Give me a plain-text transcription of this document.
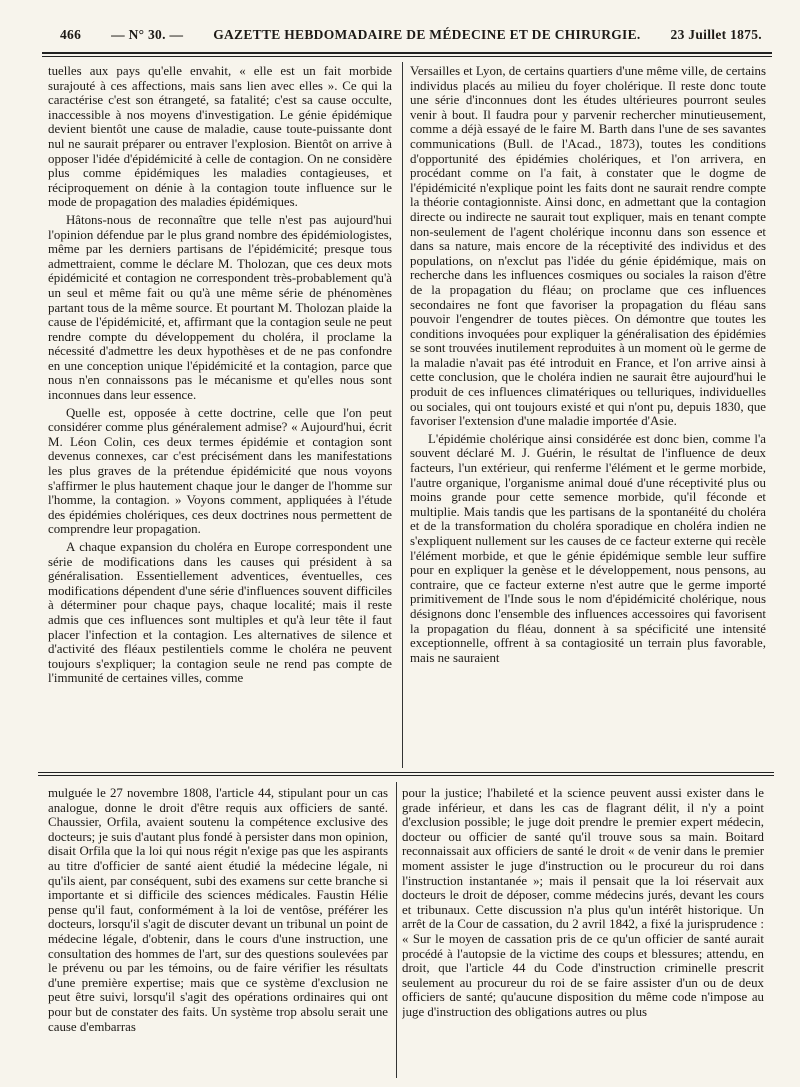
466 — N° 30. — GAZETTE HEBDOMADAIRE DE MÉDECINE ET DE CHIRURGIE. 23 Juillet 1875.

tuelles aux pays qu'elle envahit, « elle est un fait morbide surajouté à ces affections, mais sans lien avec elles ». Ce qui la caractérise c'est son étrangeté, sa fatalité; c'est sa cause occulte, inaccessible à nos moyens d'investigation. Le génie épidémique devient bientôt une cause de maladie, cause toute-puissante dont nul ne saurait préparer ou entraver l'explosion. Bientôt on arrive à opposer l'idée d'épidémicité à celle de contagion. On ne considère plus comme épidémiques les maladies contagieuses, et réciproquement on dénie à la contagion toute influence sur le mode de propagation des maladies épidémiques.

Hâtons-nous de reconnaître que telle n'est pas aujourd'hui l'opinion défendue par le plus grand nombre des épidémiologistes, même par les derniers partisans de l'épidémicité; presque tous admettraient, comme le déclare M. Tholozan, que ces deux mots épidémicité et contagion ne correspondent très-probablement qu'à un seul et même fait ou qu'à une même série de phénomènes partant tous de la même source. Et pourtant M. Tholozan plaide la cause de l'épidémicité, et, affirmant que la contagion seule ne peut rendre compte du développement du choléra, il proclame la nécessité d'admettre les deux hypothèses et de ne pas confondre en une conception unique l'épidémicité et la contagion, parce que nous n'en connaissons pas le mécanisme et qu'elles nous sont inconnues dans leur essence.

Quelle est, opposée à cette doctrine, celle que l'on peut considérer comme plus généralement admise? « Aujourd'hui, écrit M. Léon Colin, ces deux termes épidémie et contagion sont devenus connexes, car c'est précisément dans les manifestations les plus graves de la prétendue épidémicité que nous voyons s'affirmer le plus hautement chaque jour le danger de l'homme sur l'homme, la contagion. » Voyons comment, appliquées à l'étude des épidémies cholériques, ces deux doctrines nous permettent de comprendre leur propagation.

A chaque expansion du choléra en Europe correspondent une série de modifications dans les causes qui président à sa généralisation. Essentiellement adventices, éventuelles, ces modifications dépendent d'une série d'influences souvent difficiles à déterminer pour chaque pays, chaque localité; mais il reste admis que ces influences sont multiples et qu'à leur tête il faut placer l'infection et la contagion. Les alternatives de silence et d'activité des fléaux pestilentiels comme le choléra ne peuvent toujours s'expliquer; la contagion seule ne rend pas compte de l'immunité de certaines villes, comme

Versailles et Lyon, de certains quartiers d'une même ville, de certains individus placés au milieu du foyer cholérique. Il reste donc toute une série d'inconnues dont les études ultérieures pourront seules venir à bout. Il faudra pour y parvenir rechercher minutieusement, comme a déjà essayé de le faire M. Barth dans l'une de ses savantes communications (Bull. de l'Acad., 1873), toutes les conditions d'opportunité des épidémies cholériques, et l'on arrivera, en procédant comme on l'a fait, à constater que le dogme de l'épidémicité n'explique point les faits dont ne saurait rendre compte la théorie contagionniste. Ainsi donc, en admettant que la contagion directe ou indirecte ne saurait tout expliquer, mais en tenant compte non-seulement de l'agent cholérique inconnu dans son essence et dans sa nature, mais encore de la réceptivité des individus et des populations, on n'exclut pas l'idée du génie épidémique, mais on recherche dans les influences cosmiques ou sociales la raison d'être de la propagation du fléau; on proclame que ces influences secondaires ne font que favoriser la propagation du fléau sans pouvoir l'engendrer de toutes pièces. On démontre que toutes les conditions invoquées pour expliquer la généralisation des épidémies se sont trouvées inutilement reproduites à un moment où le germe de la maladie n'avait pas été introduit en France, et l'on arrive ainsi à cette conclusion, que le choléra indien ne saurait être aujourd'hui le produit de ces influences climatériques ou telluriques, individuelles ou sociales, qui ont toujours existé et qui n'ont pu, depuis 1830, que favoriser l'extension d'une maladie importée d'Asie.

L'épidémie cholérique ainsi considérée est donc bien, comme l'a souvent déclaré M. J. Guérin, le résultat de l'influence de deux facteurs, l'un extérieur, qui renferme l'élément et le germe morbide, l'autre organique, l'organisme animal doué d'une réceptivité plus ou moins grande pour cette semence morbide, qu'il féconde et multiplie. Mais tandis que les partisans de la spontanéité du choléra et de la transformation du choléra sporadique en choléra indien ne s'expliquent nullement sur les causes de ce facteur externe qui recèle l'élément morbide, et que le génie épidémique semble leur suffire pour en expliquer la genèse et le développement, nous pensons, au contraire, que ce facteur externe n'est autre que le germe importé primitivement de l'Inde sous le nom d'épidémicité cholérique, nous désignons donc l'ensemble des influences accessoires qui favorisent la propagation du fléau, donnent à sa spécificité une intensité exceptionnelle, offrent à sa contagiosité un terrain plus favorable, mais ne sauraient

mulguée le 27 novembre 1808, l'article 44, stipulant pour un cas analogue, donne le droit d'être requis aux officiers de santé. Chaussier, Orfila, avaient soutenu la compétence exclusive des docteurs; je suis d'autant plus fondé à persister dans mon opinion, disait Orfila que la loi qui nous régit n'exige pas que les aspirants au titre d'officier de santé aient étudié la médecine légale, ni qu'ils aient, par conséquent, subi des examens sur cette branche si importante et si difficile des sciences médicales. Faustin Hélie pense qu'il faut, conformément à la loi de ventôse, préférer les docteurs, lorsqu'il s'agit de discuter devant un tribunal un point de médecine légale, d'obtenir, dans le cours d'une instruction, une consultation des hommes de l'art, sur des questions soulevées par le prévenu ou par les témoins, ou de faire vérifier les résultats d'une première expertise; mais que ce système d'exclusion ne peut être suivi, lorsqu'il s'agit des opérations ordinaires qui ont pour but de constater des faits. Un système trop absolu serait une cause d'embarras

pour la justice; l'habileté et la science peuvent aussi exister dans le grade inférieur, et dans les cas de flagrant délit, il n'y a point d'exclusion possible; le juge doit prendre le premier expert médecin, docteur ou officier de santé qu'il trouve sous sa main. Boitard reconnaissait aux officiers de santé le droit « de venir dans le premier moment assister le juge d'instruction ou le procureur du roi dans l'instruction instantanée »; mais il pensait que la loi réservait aux docteurs le droit de déposer, comme médecins jurés, devant les cours et tribunaux. Cette discussion n'a plus qu'un intérêt historique. Un arrêt de la Cour de cassation, du 2 avril 1842, a fixé la jurisprudence : « Sur le moyen de cassation pris de ce qu'un officier de santé aurait procédé à l'autopsie de la victime des coups et blessures; attendu, en droit, que l'article 44 du Code d'instruction criminelle prescrit seulement au procureur du roi de se faire assister d'un ou de deux officiers de santé; qu'aucune disposition du même code n'impose au juge d'instruction des obligations autres ou plus
